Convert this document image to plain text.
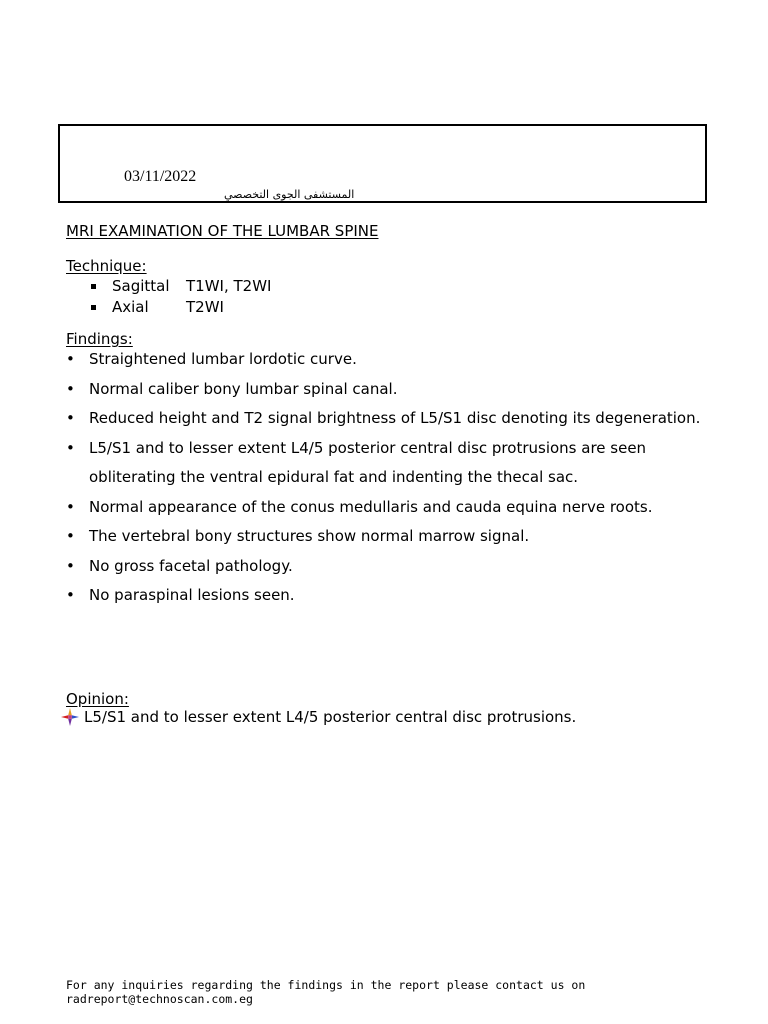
03/11/2022
المستشفى الجوى التخصصي
MRI EXAMINATION OF THE LUMBAR SPINE
Technique:
Sagittal	T1WI, T2WI
Axial	T2WI
Findings:
• Straightened lumbar lordotic curve.
• Normal caliber bony lumbar spinal canal.
• Reduced height and T2 signal brightness of L5/S1 disc denoting its degeneration.
• L5/S1 and to lesser extent L4/5 posterior central disc protrusions are seen obliterating the ventral epidural fat and indenting the thecal sac.
• Normal appearance of the conus medullaris and cauda equina nerve roots.
• The vertebral bony structures show normal marrow signal.
• No gross facetal pathology.
• No paraspinal lesions seen.
Opinion:
L5/S1 and to lesser extent L4/5 posterior central disc protrusions.
For any inquiries regarding the findings in the report please contact us on
radreport@technoscan.com.eg
